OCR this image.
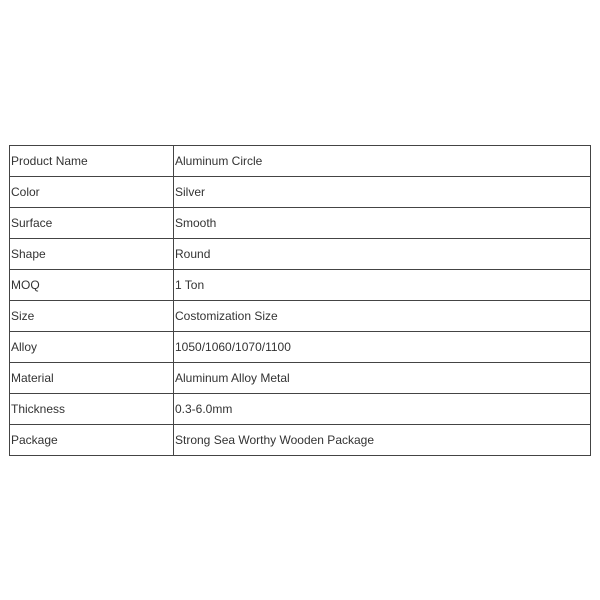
Product Name	Aluminum Circle
Color	Silver
Surface	Smooth
Shape	Round
MOQ	1 Ton
Size	Costomization Size
Alloy	1050/1060/1070/1100
Material	Aluminum Alloy Metal
Thickness	0.3-6.0mm
Package	Strong Sea Worthy Wooden Package
